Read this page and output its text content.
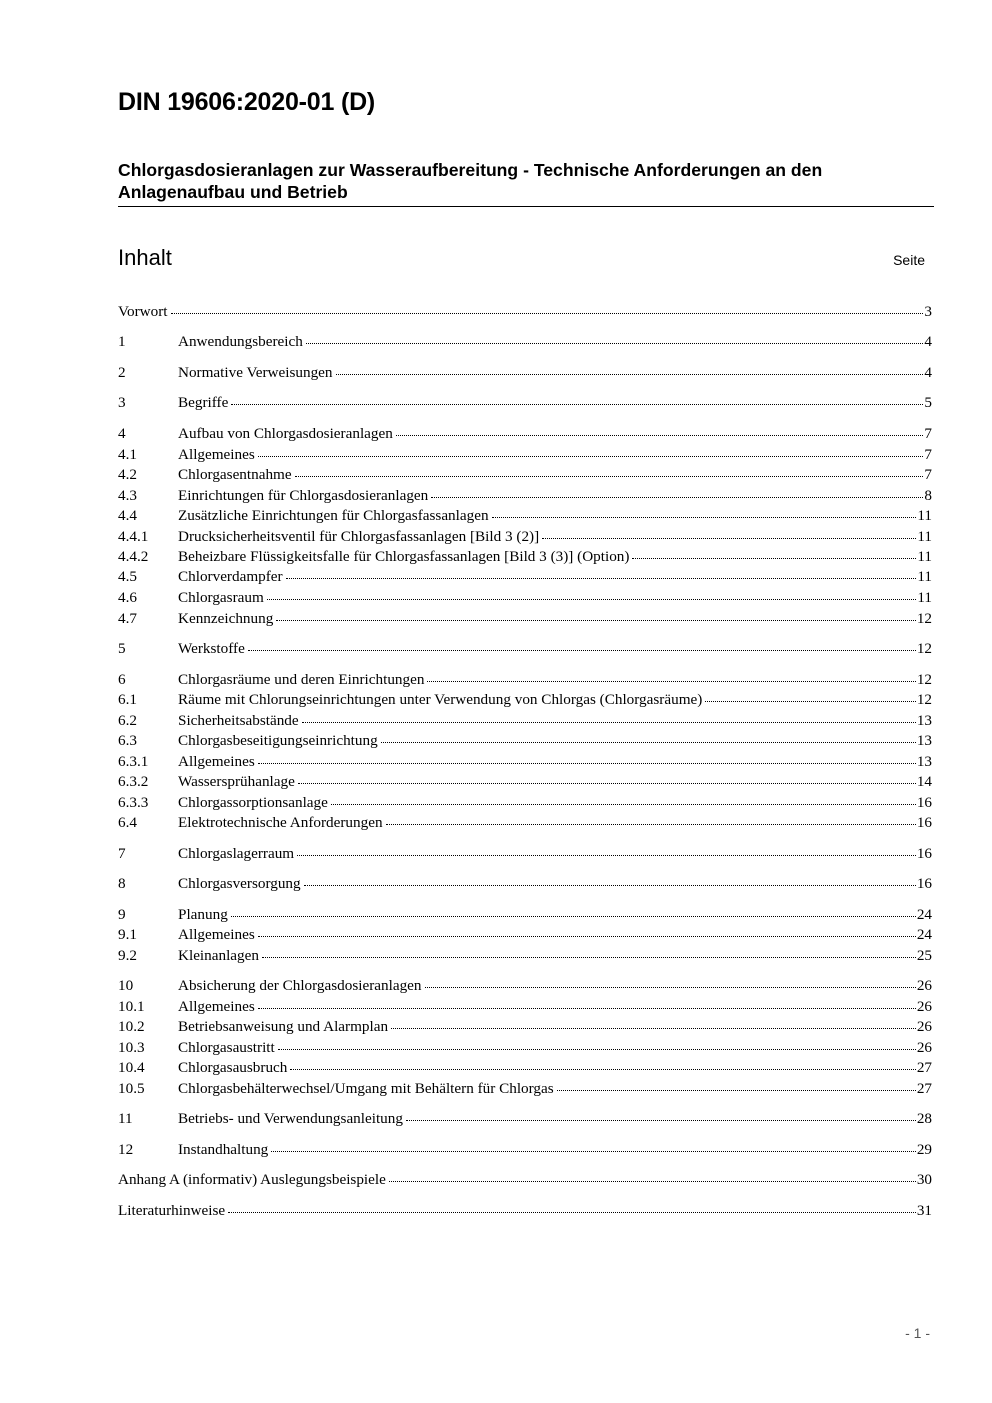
DIN 19606:2020-01 (D)

Chlorgasdosieranlagen zur Wasseraufbereitung - Technische Anforderungen an den Anlagenaufbau und Betrieb

Inhalt	Seite
Vorwort	3
1	Anwendungsbereich	4
2	Normative Verweisungen	4
3	Begriffe	5
4	Aufbau von Chlorgasdosieranlagen	7
4.1	Allgemeines	7
4.2	Chlorgasentnahme	7
4.3	Einrichtungen für Chlorgasdosieranlagen	8
4.4	Zusätzliche Einrichtungen für Chlorgasfassanlagen	11
4.4.1	Drucksicherheitsventil für Chlorgasfassanlagen [Bild 3 (2)]	11
4.4.2	Beheizbare Flüssigkeitsfalle für Chlorgasfassanlagen [Bild 3 (3)] (Option)	11
4.5	Chlorverdampfer	11
4.6	Chlorgasraum	11
4.7	Kennzeichnung	12
5	Werkstoffe	12
6	Chlorgasräume und deren Einrichtungen	12
6.1	Räume mit Chlorungseinrichtungen unter Verwendung von Chlorgas (Chlorgasräume)	12
6.2	Sicherheitsabstände	13
6.3	Chlorgasbeseitigungseinrichtung	13
6.3.1	Allgemeines	13
6.3.2	Wassersprühanlage	14
6.3.3	Chlorgassorptionsanlage	16
6.4	Elektrotechnische Anforderungen	16
7	Chlorgaslagerraum	16
8	Chlorgasversorgung	16
9	Planung	24
9.1	Allgemeines	24
9.2	Kleinanlagen	25
10	Absicherung der Chlorgasdosieranlagen	26
10.1	Allgemeines	26
10.2	Betriebsanweisung und Alarmplan	26
10.3	Chlorgasaustritt	26
10.4	Chlorgasausbruch	27
10.5	Chlorgasbehälterwechsel/Umgang mit Behältern für Chlorgas	27
11	Betriebs- und Verwendungsanleitung	28
12	Instandhaltung	29
Anhang A (informativ) Auslegungsbeispiele	30
Literaturhinweise	31
- 1 -
